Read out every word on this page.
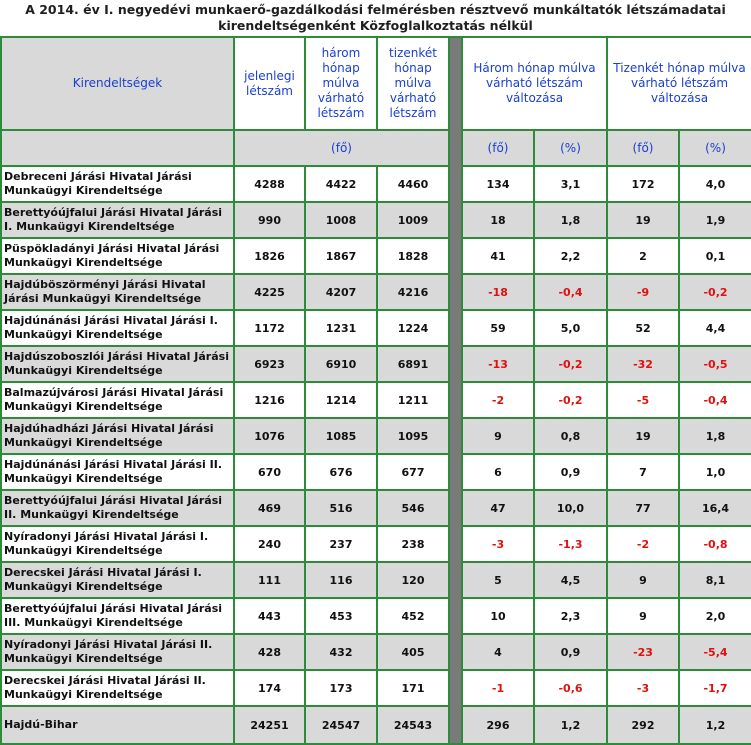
A 2014. év I. negyedévi munkaerő-gazdálkodási felmérésben résztvevő munkáltatók létszámadatai
kirendeltségenként Közfoglalkoztatás nélkül
Kirendeltségek	jelenlegi létszám	három hónap múlva várható létszám	tizenkét hónap múlva várható létszám		Három hónap múlva várható létszám változása		Tizenkét hónap múlva várható létszám változása	
	(fő)				(fő)	(%)	(fő)	(%)
Debreceni Járási Hivatal Járási Munkaügyi Kirendeltsége	4288	4422	4460		134	3,1	172	4,0
Berettyóújfalui Járási Hivatal Járási I. Munkaügyi Kirendeltsége	990	1008	1009		18	1,8	19	1,9
Püspökladányi Járási Hivatal Járási Munkaügyi Kirendeltsége	1826	1867	1828		41	2,2	2	0,1
Hajdúböszörményi Járási Hivatal Járási Munkaügyi Kirendeltsége	4225	4207	4216		-18	-0,4	-9	-0,2
Hajdúnánási Járási Hivatal Járási I. Munkaügyi Kirendeltsége	1172	1231	1224		59	5,0	52	4,4
Hajdúszoboszlói Járási Hivatal Járási Munkaügyi Kirendeltsége	6923	6910	6891		-13	-0,2	-32	-0,5
Balmazújvárosi Járási Hivatal Járási Munkaügyi Kirendeltsége	1216	1214	1211		-2	-0,2	-5	-0,4
Hajdúhadházi Járási Hivatal Járási Munkaügyi Kirendeltsége	1076	1085	1095		9	0,8	19	1,8
Hajdúnánási Járási Hivatal Járási II. Munkaügyi Kirendeltsége	670	676	677		6	0,9	7	1,0
Berettyóújfalui Járási Hivatal Járási II. Munkaügyi Kirendeltsége	469	516	546		47	10,0	77	16,4
Nyíradonyi Járási Hivatal Járási I. Munkaügyi Kirendeltsége	240	237	238		-3	-1,3	-2	-0,8
Derecskei Járási Hivatal Járási I. Munkaügyi Kirendeltsége	111	116	120		5	4,5	9	8,1
Berettyóújfalui Járási Hivatal Járási III. Munkaügyi Kirendeltsége	443	453	452		10	2,3	9	2,0
Nyíradonyi Járási Hivatal Járási II. Munkaügyi Kirendeltsége	428	432	405		4	0,9	-23	-5,4
Derecskei Járási Hivatal Járási II. Munkaügyi Kirendeltsége	174	173	171		-1	-0,6	-3	-1,7
Hajdú-Bihar	24251	24547	24543		296	1,2	292	1,2
